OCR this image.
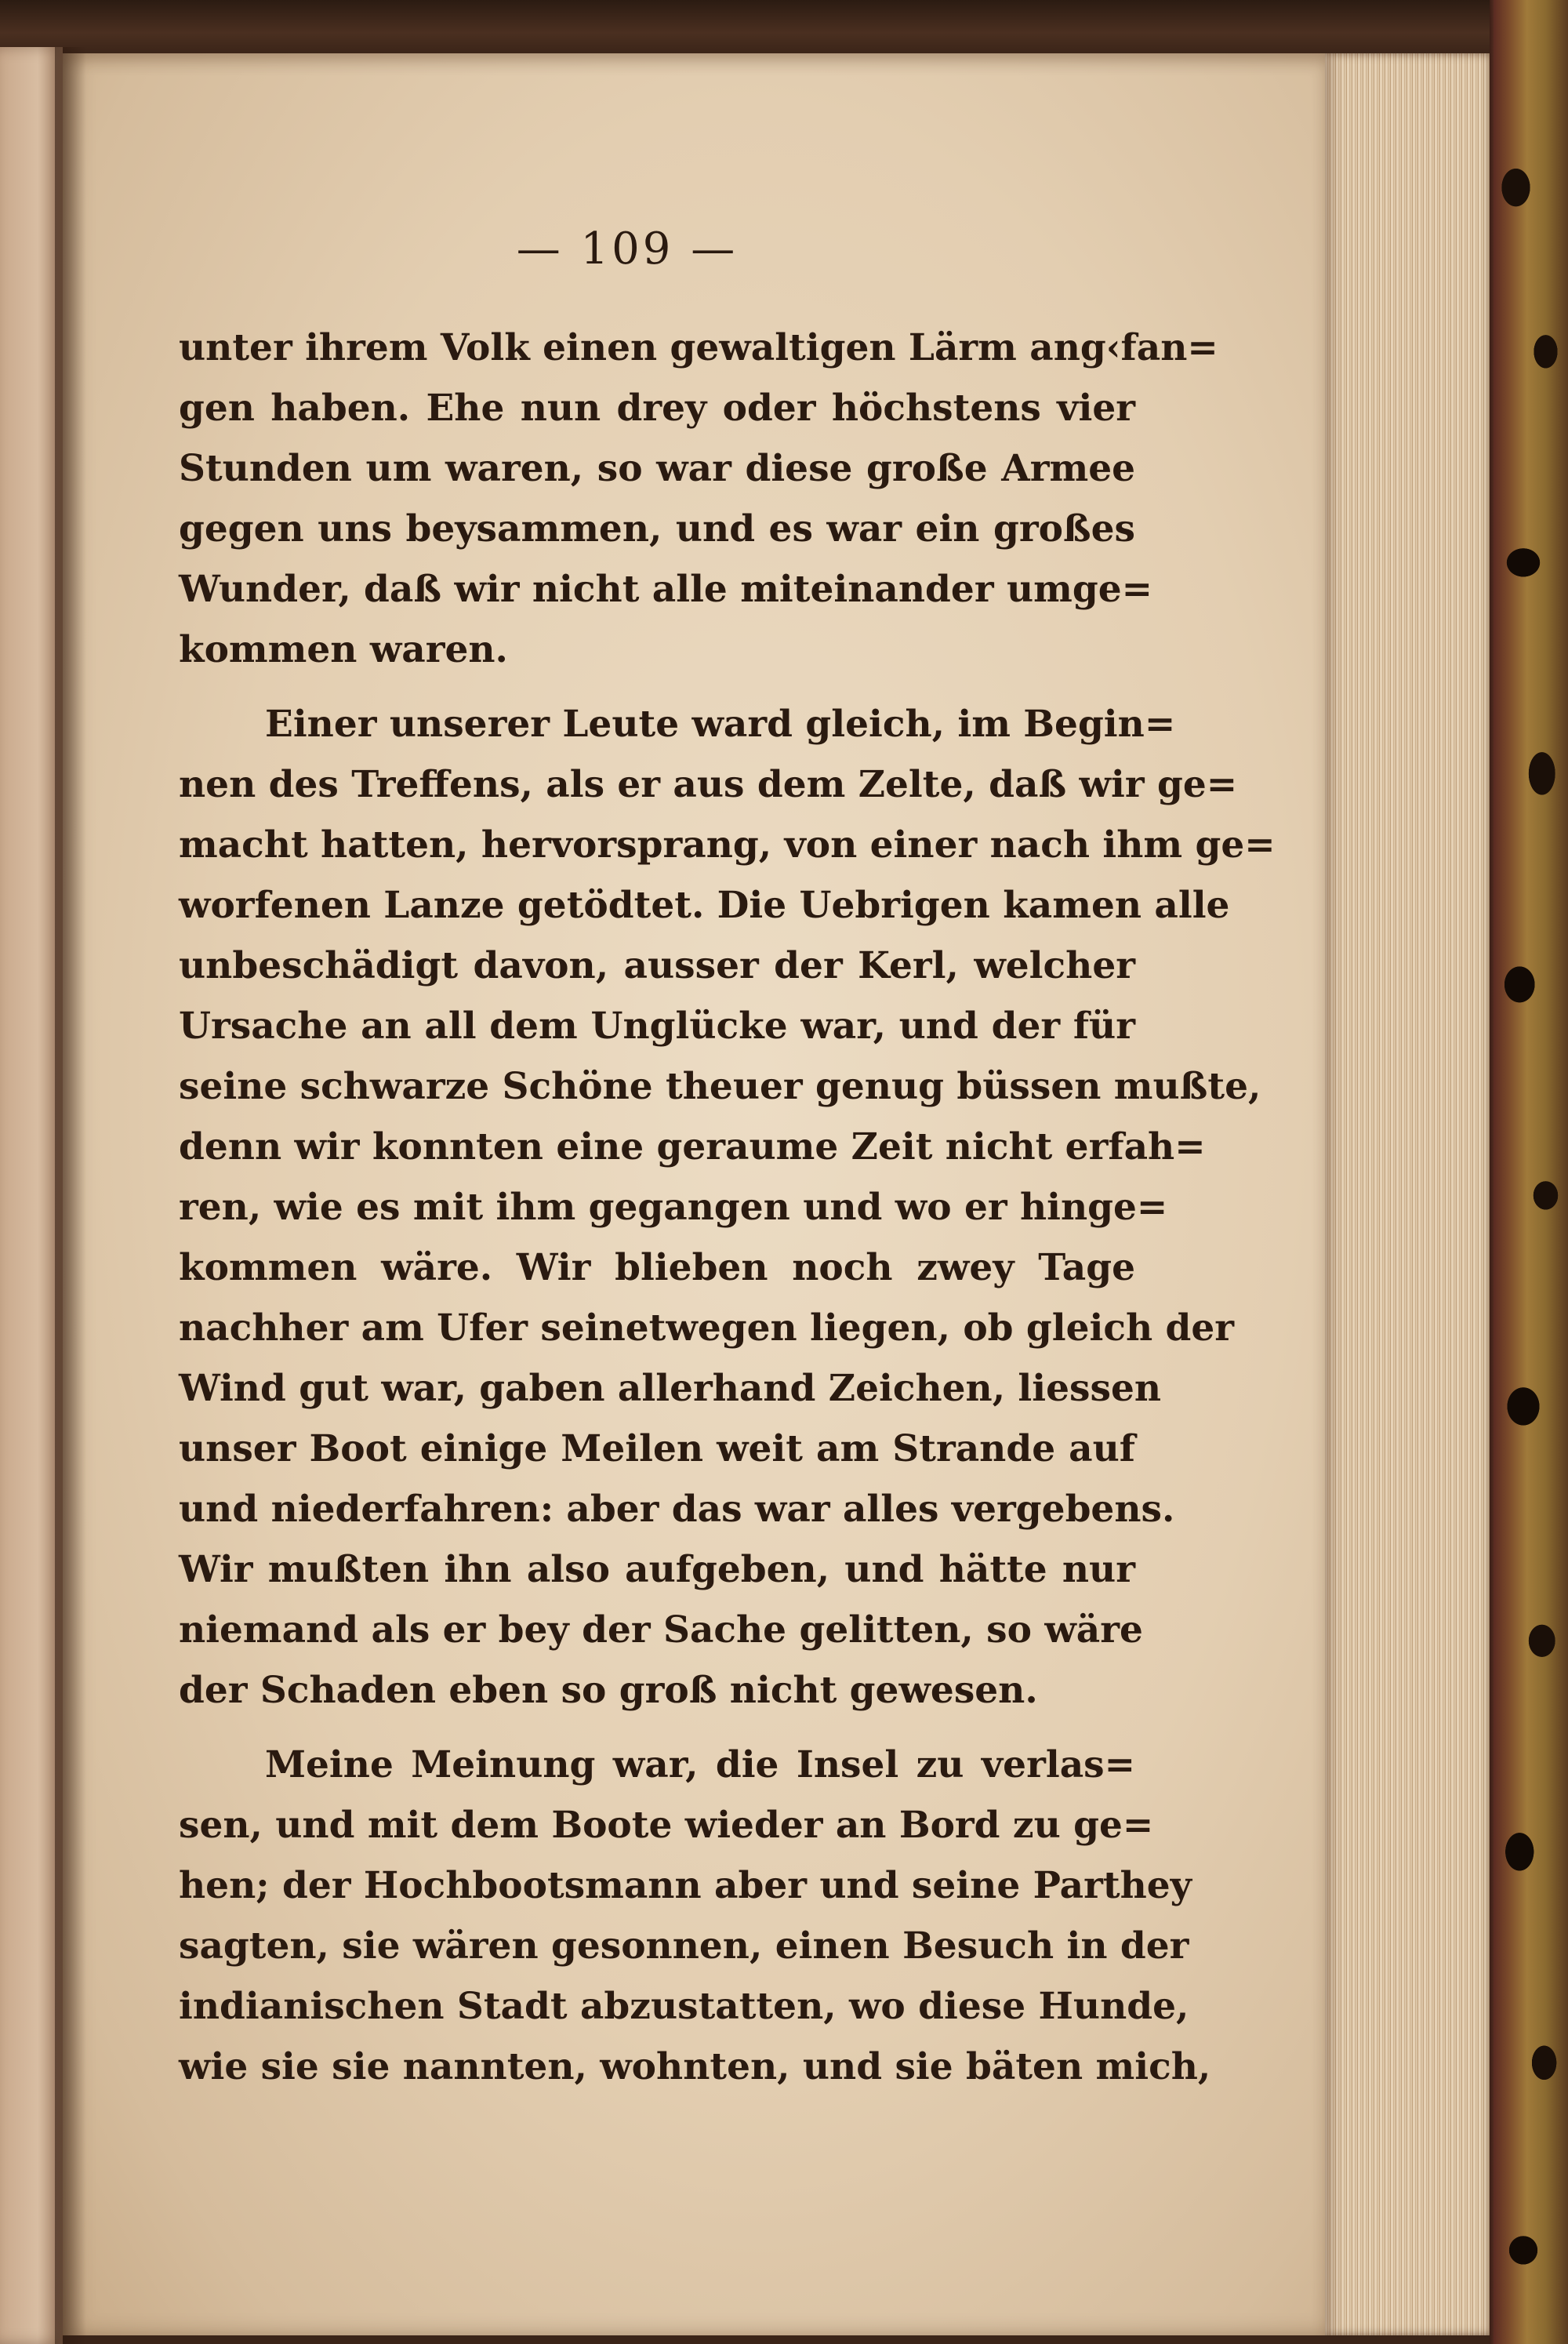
— 109 —
unter ihrem Volk einen gewaltigen Lärm ang‹fan=
gen haben. Ehe nun drey oder höchstens vier
Stunden um waren, so war diese große Armee
gegen uns beysammen, und es war ein großes
Wunder, daß wir nicht alle miteinander umge=
kommen waren.
Einer unserer Leute ward gleich, im Begin=
nen des Treffens, als er aus dem Zelte, daß wir ge=
macht hatten, hervorsprang, von einer nach ihm ge=
worfenen Lanze getödtet. Die Uebrigen kamen alle
unbeschädigt davon, ausser der Kerl, welcher
Ursache an all dem Unglücke war, und der für
seine schwarze Schöne theuer genug büssen mußte,
denn wir konnten eine geraume Zeit nicht erfah=
ren, wie es mit ihm gegangen und wo er hinge=
kommen wäre. Wir blieben noch zwey Tage
nachher am Ufer seinetwegen liegen, ob gleich der
Wind gut war, gaben allerhand Zeichen, liessen
unser Boot einige Meilen weit am Strande auf
und niederfahren: aber das war alles vergebens.
Wir mußten ihn also aufgeben, und hätte nur
niemand als er bey der Sache gelitten, so wäre
der Schaden eben so groß nicht gewesen.
Meine Meinung war, die Insel zu verlas=
sen, und mit dem Boote wieder an Bord zu ge=
hen; der Hochbootsmann aber und seine Parthey
sagten, sie wären gesonnen, einen Besuch in der
indianischen Stadt abzustatten, wo diese Hunde,
wie sie sie nannten, wohnten, und sie bäten mich,
